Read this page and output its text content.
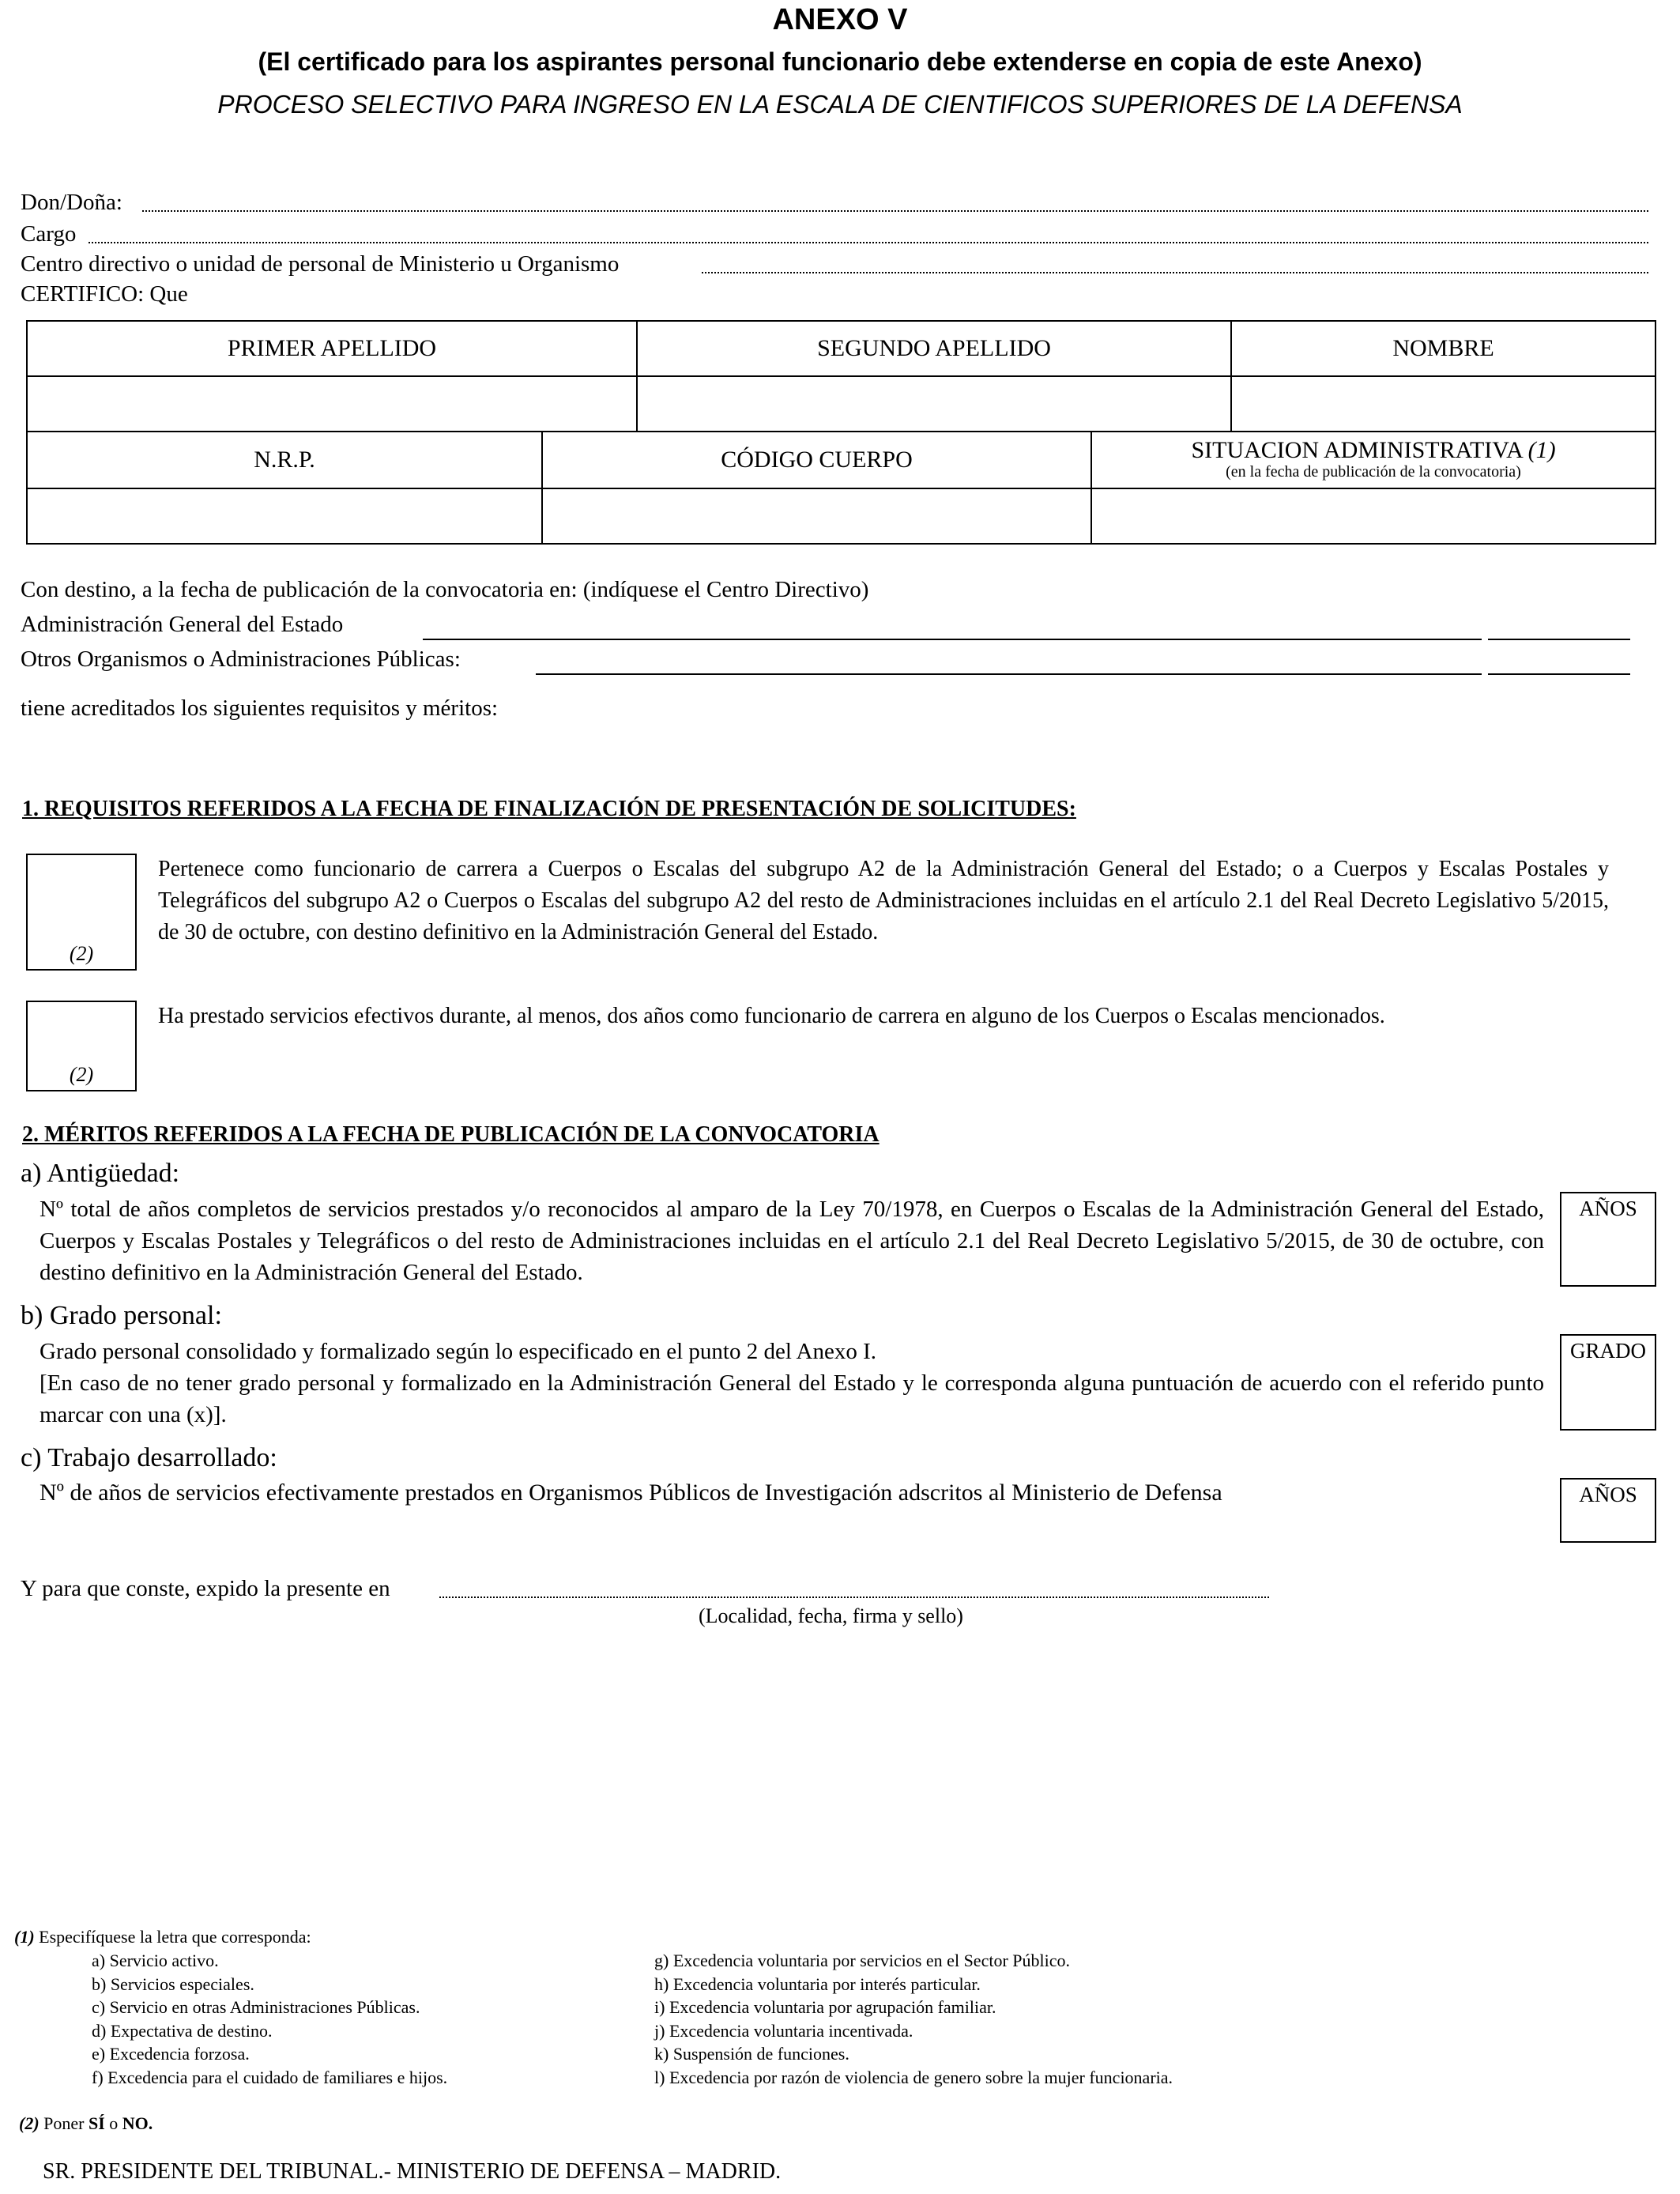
ANEXO V
(El certificado para los aspirantes personal funcionario debe extenderse en copia de este Anexo)
PROCESO SELECTIVO PARA INGRESO EN LA ESCALA DE CIENTIFICOS SUPERIORES DE LA DEFENSA
Don/Doña:
Cargo
Centro directivo o unidad de personal de Ministerio u Organismo
CERTIFICO: Que
PRIMER APELLIDO	SEGUNDO APELLIDO	NOMBRE

N.R.P.	CÓDIGO CUERPO	SITUACION ADMINISTRATIVA (1)
(en la fecha de publicación de la convocatoria)

Con destino, a la fecha de publicación de la convocatoria en: (indíquese el Centro Directivo)
Administración General del Estado
Otros Organismos o Administraciones Públicas:
tiene acreditados los siguientes requisitos y méritos:
1. REQUISITOS REFERIDOS A LA FECHA DE FINALIZACIÓN DE PRESENTACIÓN DE SOLICITUDES:
(2)
Pertenece como funcionario de carrera a Cuerpos o Escalas del subgrupo A2 de la Administración General del Estado; o a Cuerpos y Escalas Postales y Telegráficos del subgrupo A2 o Cuerpos o Escalas del subgrupo A2 del resto de Administraciones incluidas en el artículo 2.1 del Real Decreto Legislativo 5/2015, de 30 de octubre, con destino definitivo en la Administración General del Estado.
(2)
Ha prestado servicios efectivos durante, al menos, dos años como funcionario de carrera en alguno de los Cuerpos o Escalas mencionados.
2. MÉRITOS REFERIDOS A LA FECHA DE PUBLICACIÓN DE LA CONVOCATORIA
a) Antigüedad:
Nº total de años completos de servicios prestados y/o reconocidos al amparo de la Ley 70/1978, en Cuerpos o Escalas de la Administración General del Estado, Cuerpos y Escalas Postales y Telegráficos o del resto de Administraciones incluidas en el artículo 2.1 del Real Decreto Legislativo 5/2015, de 30 de octubre, con destino definitivo en la Administración General del Estado.
AÑOS
b) Grado personal:
Grado personal consolidado y formalizado según lo especificado en el punto 2 del Anexo I.
[En caso de no tener grado personal y formalizado en la Administración General del Estado y le corresponda alguna puntuación de acuerdo con el referido punto marcar con una (x)].
GRADO
c) Trabajo desarrollado:
Nº de años de servicios efectivamente prestados en Organismos Públicos de Investigación adscritos al Ministerio de Defensa	AÑOS
Y para que conste, expido la presente en
(Localidad, fecha, firma y sello)
(1) Especifíquese la letra que corresponda:
a) Servicio activo.
b) Servicios especiales.
c) Servicio en otras Administraciones Públicas.
d) Expectativa de destino.
e) Excedencia forzosa.
f) Excedencia para el cuidado de familiares e hijos.
g) Excedencia voluntaria por servicios en el Sector Público.
h) Excedencia voluntaria por interés particular.
i) Excedencia voluntaria por agrupación familiar.
j) Excedencia voluntaria incentivada.
k) Suspensión de funciones.
l) Excedencia por razón de violencia de genero sobre la mujer funcionaria.
(2) Poner SÍ o NO.
SR. PRESIDENTE DEL TRIBUNAL.- MINISTERIO DE DEFENSA – MADRID.
